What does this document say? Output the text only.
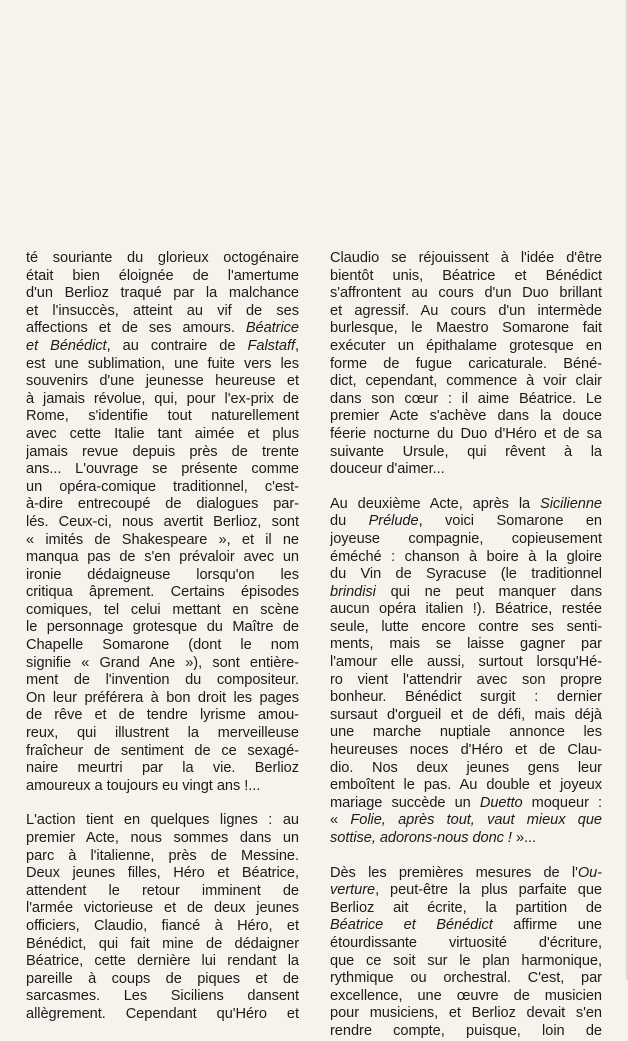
té souriante du glorieux octogénaire
était bien éloignée de l'amertume
d'un Berlioz traqué par la malchance
et l'insuccès, atteint au vif de ses
affections et de ses amours. Béatrice
et Bénédict, au contraire de Falstaff,
est une sublimation, une fuite vers les
souvenirs d'une jeunesse heureuse et
à jamais révolue, qui, pour l'ex-prix de
Rome, s'identifie tout naturellement
avec cette Italie tant aimée et plus
jamais revue depuis près de trente
ans... L'ouvrage se présente comme
un opéra-comique traditionnel, c'est-
à-dire entrecoupé de dialogues par-
lés. Ceux-ci, nous avertit Berlioz, sont
« imités de Shakespeare », et il ne
manqua pas de s'en prévaloir avec un
ironie dédaigneuse lorsqu'on les
critiqua âprement. Certains épisodes
comiques, tel celui mettant en scène
le personnage grotesque du Maître de
Chapelle Somarone (dont le nom
signifie « Grand Ane »), sont entière-
ment de l'invention du compositeur.
On leur préférera à bon droit les pages
de rêve et de tendre lyrisme amou-
reux, qui illustrent la merveilleuse
fraîcheur de sentiment de ce sexagé-
naire meurtri par la vie. Berlioz
amoureux a toujours eu vingt ans !...
L'action tient en quelques lignes : au
premier Acte, nous sommes dans un
parc à l'italienne, près de Messine.
Deux jeunes filles, Héro et Béatrice,
attendent le retour imminent de
l'armée victorieuse et de deux jeunes
officiers, Claudio, fiancé à Héro, et
Bénédict, qui fait mine de dédaigner
Béatrice, cette dernière lui rendant la
pareille à coups de piques et de
sarcasmes. Les Siciliens dansent
allègrement. Cependant qu'Héro et
Claudio se réjouissent à l'idée d'être
bientôt unis, Béatrice et Bénédict
s'affrontent au cours d'un Duo brillant
et agressif. Au cours d'un intermède
burlesque, le Maestro Somarone fait
exécuter un épithalame grotesque en
forme de fugue caricaturale. Béné-
dict, cependant, commence à voir clair
dans son cœur : il aime Béatrice. Le
premier Acte s'achève dans la douce
féerie nocturne du Duo d'Héro et de sa
suivante Ursule, qui rêvent à la
douceur d'aimer...
Au deuxième Acte, après la Sicilienne
du Prélude, voici Somarone en
joyeuse compagnie, copieusement
éméché : chanson à boire à la gloire
du Vin de Syracuse (le traditionnel
brindisi qui ne peut manquer dans
aucun opéra italien !). Béatrice, restée
seule, lutte encore contre ses senti-
ments, mais se laisse gagner par
l'amour elle aussi, surtout lorsqu'Hé-
ro vient l'attendrir avec son propre
bonheur. Bénédict surgit : dernier
sursaut d'orgueil et de défi, mais déjà
une marche nuptiale annonce les
heureuses noces d'Héro et de Clau-
dio. Nos deux jeunes gens leur
emboîtent le pas. Au double et joyeux
mariage succède un Duetto moqueur :
« Folie, après tout, vaut mieux que
sottise, adorons-nous donc ! »...
Dès les premières mesures de l'Ou-
verture, peut-être la plus parfaite que
Berlioz ait écrite, la partition de
Béatrice et Bénédict affirme une
étourdissante virtuosité d'écriture,
que ce soit sur le plan harmonique,
rythmique ou orchestral. C'est, par
excellence, une œuvre de musicien
pour musiciens, et Berlioz devait s'en
rendre compte, puisque, loin de
